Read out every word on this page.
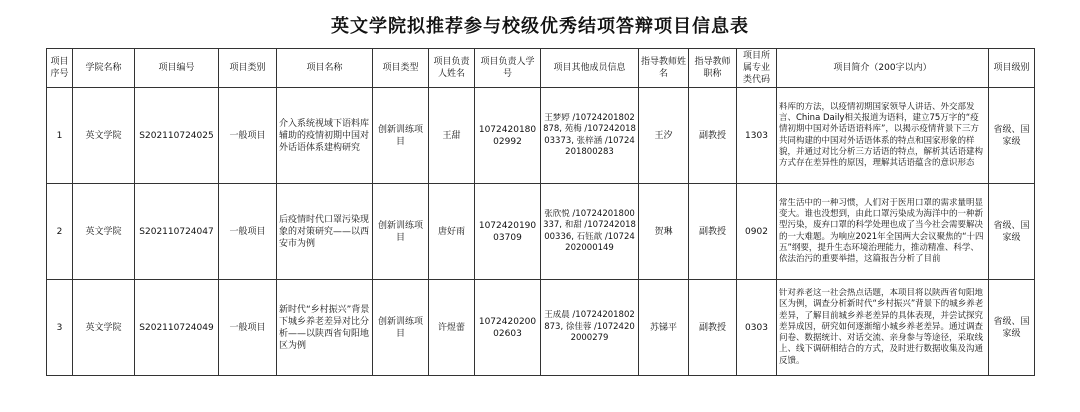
英文学院拟推荐参与校级优秀结项答辩项目信息表
项目序号	学院名称	项目编号	项目类别	项目名称	项目类型	项目负责人姓名	项目负责人学号	项目其他成员信息	指导教师姓名	指导教师职称	项目所属专业类代码	项目简介（200字以内）	项目级别
1	英文学院	S202110724025	一般项目	介入系统视域下语料库辅助的疫情初期中国对外话语体系建构研究	创新训练项目	王甜	1072420180 02992	王梦婷 /10724201802878, 苑梅 /10724201803373, 张梓涵 /10724201800283	王汐	副教授	1303	料库的方法，以疫情初期国家领导人讲话、外交部发言、China Daily相关报道为语料，建立75万字的“疫情初期中国对外话语语料库”，以揭示疫情背景下三方共同构建的中国对外话语体系的特点和国家形象的样貌，并通过对比分析三方话语的特点，解析其话语建构方式存在差异性的原因，理解其话语蕴含的意识形态	省级、国家级
2	英文学院	S202110724047	一般项目	后疫情时代口罩污染现象的对策研究——以西安市为例	创新训练项目	唐好雨	1072420190 03709	张欣悦 /10724201800337, 和甜 /10724201800336, 石钰歆 /10724202000149	贺琳	副教授	0902	常生活中的一种习惯，人们对于医用口罩的需求量明显变大。谁也没想到，由此口罩污染成为海洋中的一种新型污染，废弃口罩的科学处理也成了当今社会需要解决的一大难题。为响应2021年全国两大会议聚焦的“十四五”纲要，提升生态环境治理能力，推动精准、科学、依法治污的重要举措，这篇报告分析了目前	省级、国家级
3	英文学院	S202110724049	一般项目	新时代“乡村振兴”背景下城乡养老差异对比分析——以陕西省旬阳地区为例	创新训练项目	许煜蕾	1072420200 02603	王成晨 /10724201802873, 徐佳蓉 /10724202000279	苏锑平	副教授	0303	针对养老这一社会热点话题，本项目将以陕西省旬阳地区为例，调查分析新时代“乡村振兴”背景下的城乡养老差异，了解目前城乡养老差异的具体表现，并尝试探究差异成因，研究如何逐渐缩小城乡养老差异。通过调查问卷、数据统计、对话交流、亲身参与等途径，采取线上、线下调研相结合的方式，及时进行数据收集及沟通反馈。	省级、国家级
